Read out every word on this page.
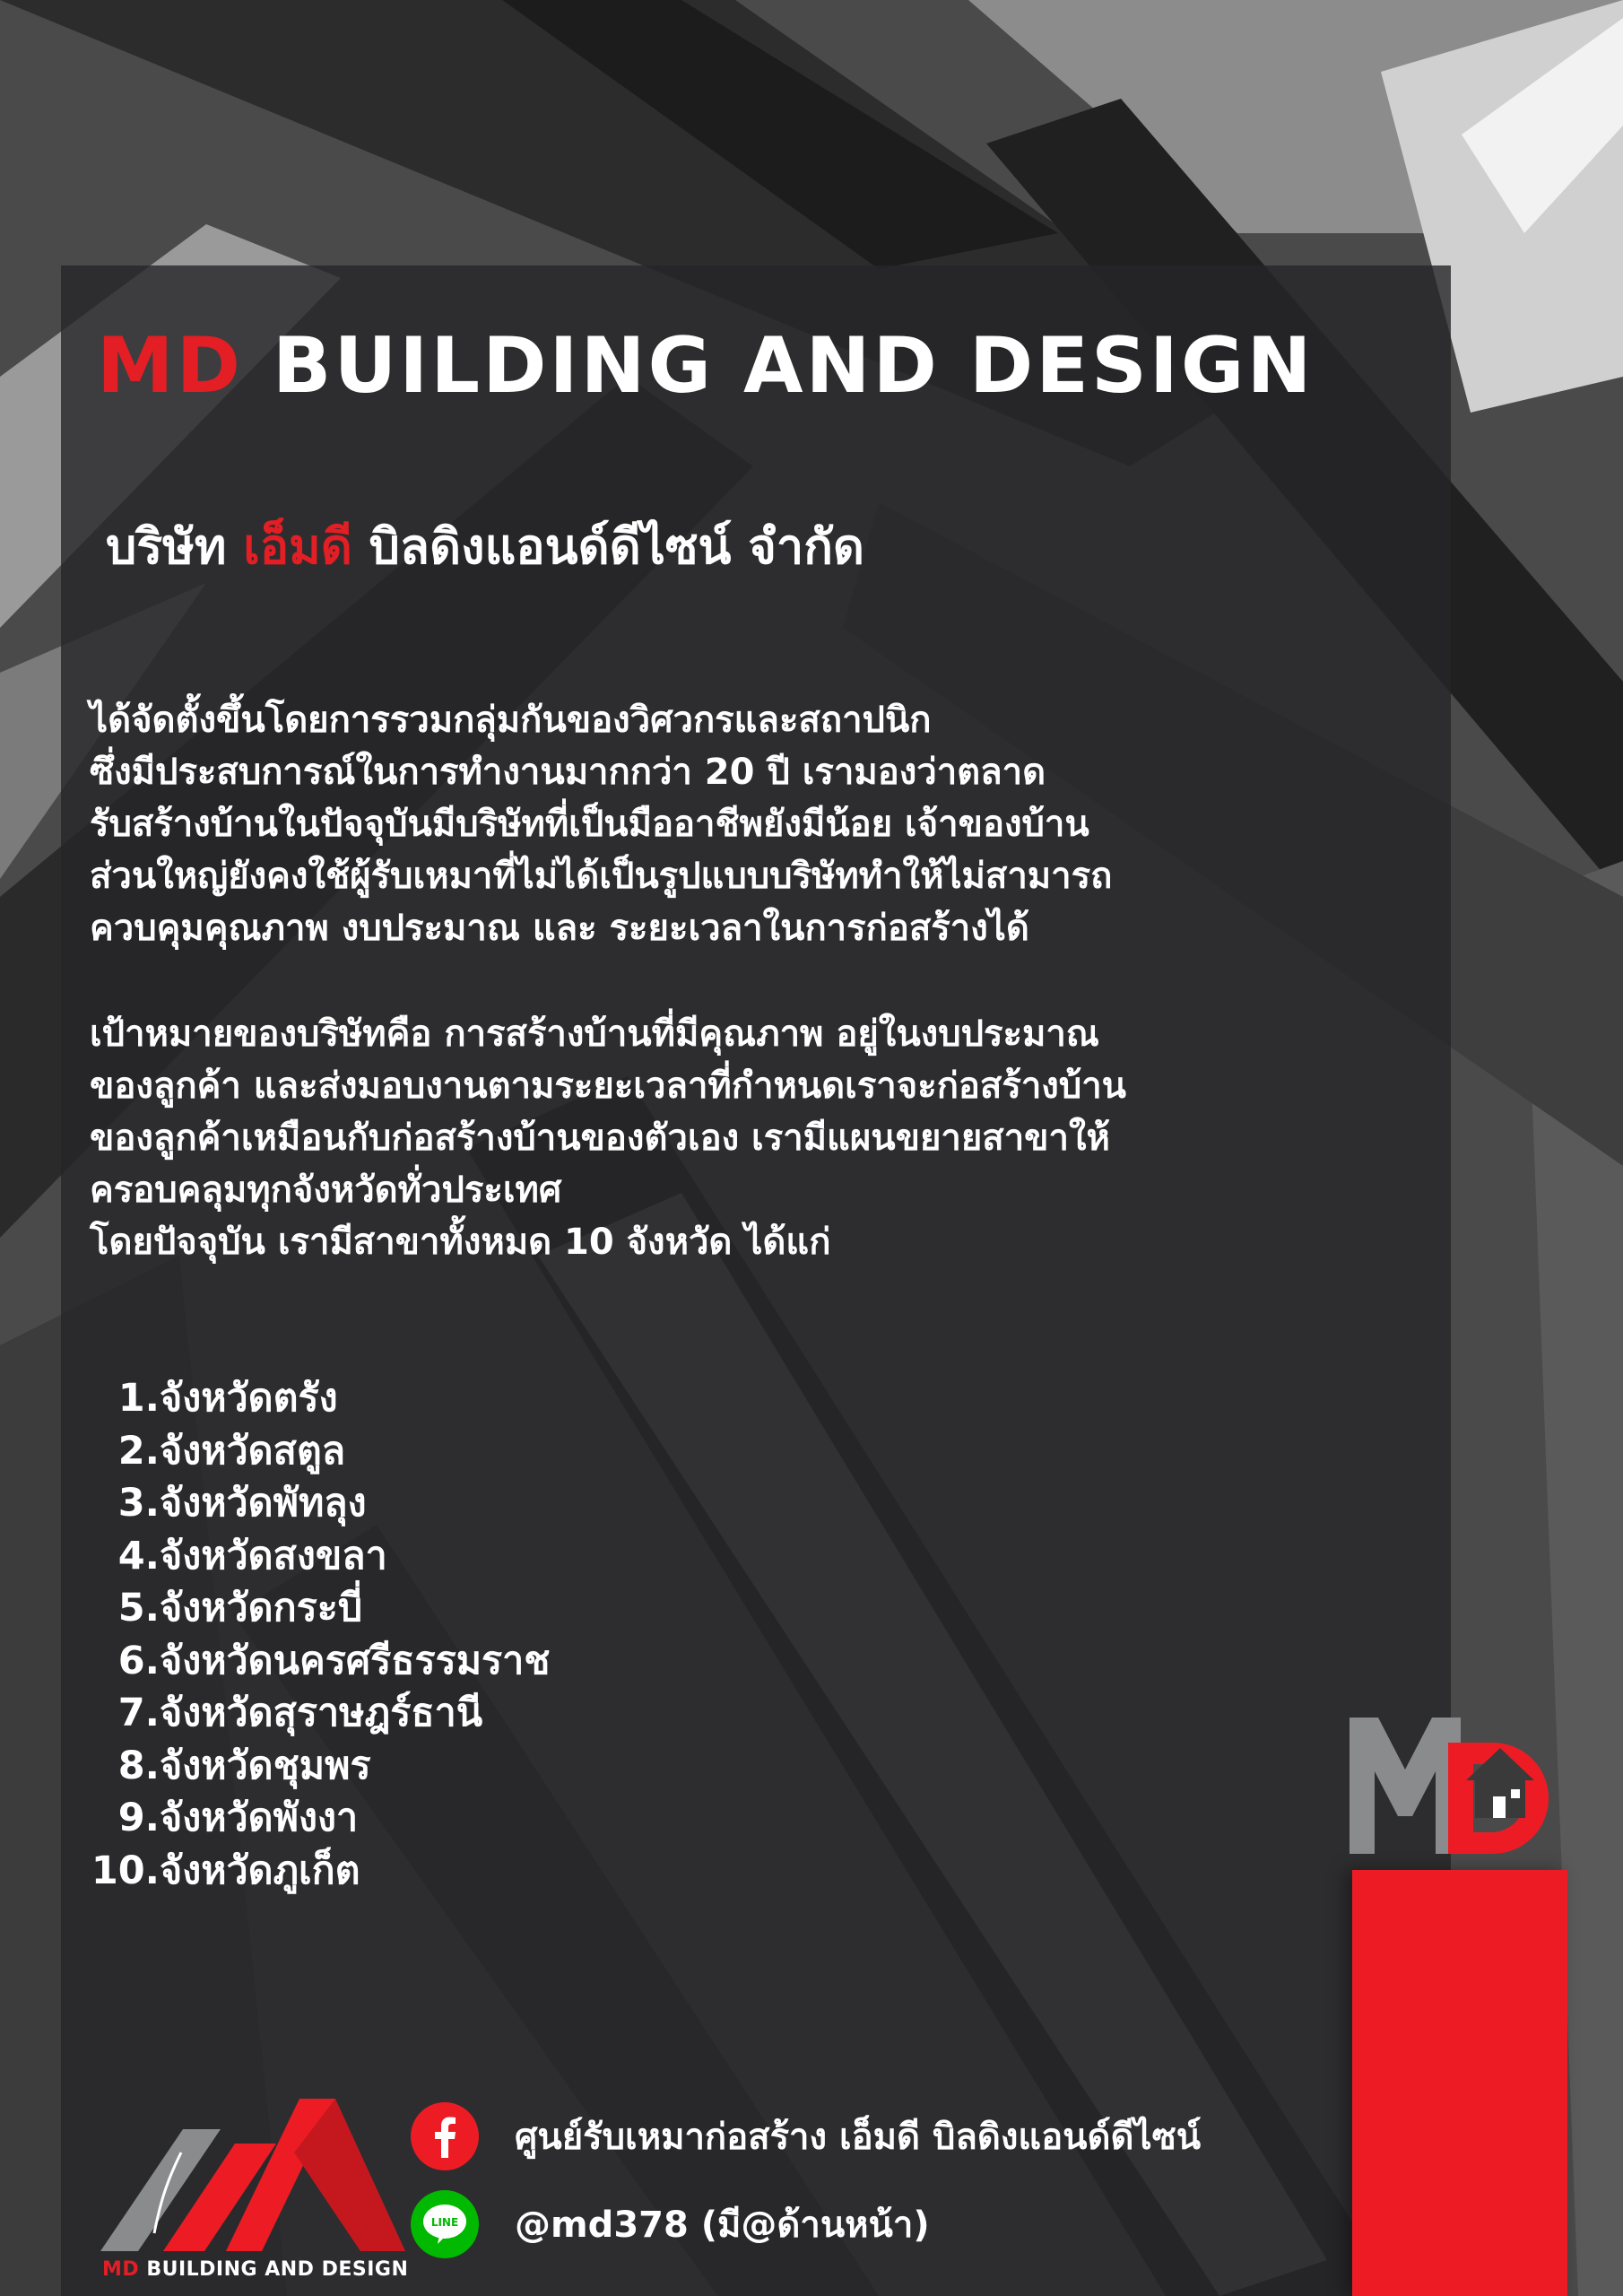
MD BUILDING AND DESIGN
บริษัท เอ็มดี บิลดิงแอนด์ดีไซน์ จำกัด

ได้จัดตั้งขึ้นโดยการรวมกลุ่มกันของวิศวกรและสถาปนิก
ซึ่งมีประสบการณ์ในการทำงานมากกว่า 20 ปี เรามองว่าตลาด
รับสร้างบ้านในปัจจุบันมีบริษัทที่เป็นมืออาชีพยังมีน้อย เจ้าของบ้าน
ส่วนใหญ่ยังคงใช้ผู้รับเหมาที่ไม่ได้เป็นรูปแบบบริษัททำให้ไม่สามารถ
ควบคุมคุณภาพ งบประมาณ และ ระยะเวลาในการก่อสร้างได้

เป้าหมายของบริษัทคือ การสร้างบ้านที่มีคุณภาพ อยู่ในงบประมาณ
ของลูกค้า และส่งมอบงานตามระยะเวลาที่กำหนดเราจะก่อสร้างบ้าน
ของลูกค้าเหมือนกับก่อสร้างบ้านของตัวเอง เรามีแผนขยายสาขาให้
ครอบคลุมทุกจังหวัดทั่วประเทศ
โดยปัจจุบัน เรามีสาขาทั้งหมด 10 จังหวัด ได้แก่

1.จังหวัดตรัง
2.จังหวัดสตูล
3.จังหวัดพัทลุง
4.จังหวัดสงขลา
5.จังหวัดกระบี่
6.จังหวัดนครศรีธรรมราช
7.จังหวัดสุราษฎร์ธานี
8.จังหวัดชุมพร
9.จังหวัดพังงา
10.จังหวัดภูเก็ต

MD BUILDING AND DESIGN

ศูนย์รับเหมาก่อสร้าง เอ็มดี บิลดิงแอนด์ดีไซน์
LINE @md378 (มี@ด้านหน้า)
